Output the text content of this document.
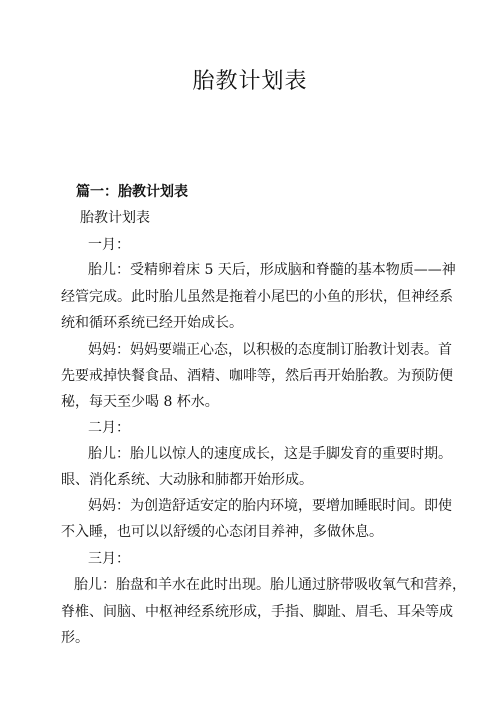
胎教计划表
篇一：胎教计划表
胎教计划表
一月：
胎儿：受精卵着床 5 天后，形成脑和脊髓的基本物质——神
经管完成。此时胎儿虽然是拖着小尾巴的小鱼的形状，但神经系
统和循环系统已经开始成长。
妈妈：妈妈要端正心态，以积极的态度制订胎教计划表。首
先要戒掉快餐食品、酒精、咖啡等，然后再开始胎教。为预防便
秘，每天至少喝 8 杯水。
二月：
胎儿：胎儿以惊人的速度成长，这是手脚发育的重要时期。
眼、消化系统、大动脉和肺都开始形成。
妈妈：为创造舒适安定的胎内环境，要增加睡眠时间。即使
不入睡，也可以以舒缓的心态闭目养神，多做休息。
三月：
胎儿：胎盘和羊水在此时出现。胎儿通过脐带吸收氧气和营养，
脊椎、间脑、中枢神经系统形成，手指、脚趾、眉毛、耳朵等成
形。
